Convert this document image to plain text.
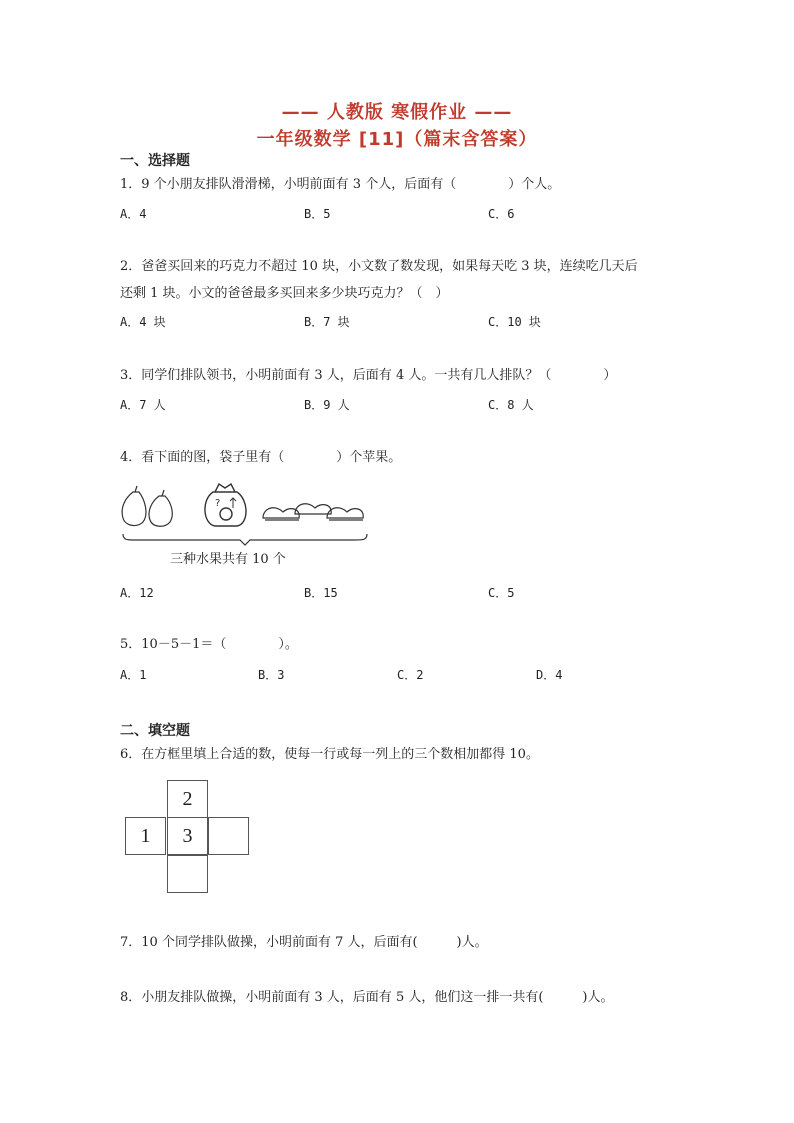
—— 人教版 寒假作业 ——
一年级数学 [11]（篇末含答案）
一、选择题
1．9 个小朋友排队滑滑梯，小明前面有 3 个人，后面有（　　　　）个人。
A．4	B．5	C．6
2．爸爸买回来的巧克力不超过 10 块，小文数了数发现，如果每天吃 3 块，连续吃几天后
还剩 1 块。小文的爸爸最多买回来多少块巧克力？（　）
A．4 块	B．7 块	C．10 块
3．同学们排队领书，小明前面有 3 人，后面有 4 人。一共有几人排队？（　　　　）
A．7 人	B．9 人	C．8 人
4．看下面的图，袋子里有（　　　　）个苹果。
?
三种水果共有 10 个
A．12	B．15	C．5
5．10－5－1＝（　　　　）。
A．1	B．3	C．2	D．4
二、填空题
6．在方框里填上合适的数，使每一行或每一列上的三个数相加都得 10。
2
1	3
7．10 个同学排队做操，小明前面有 7 人，后面有(　　　)人。
8．小朋友排队做操，小明前面有 3 人，后面有 5 人，他们这一排一共有(　　　)人。
